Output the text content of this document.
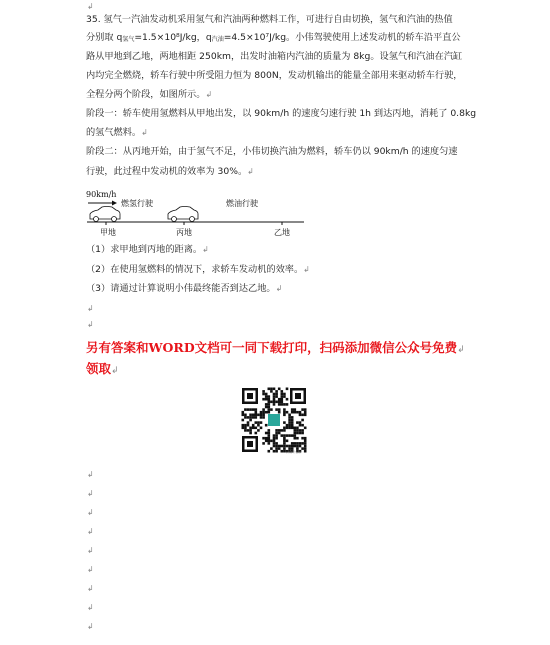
↲
35. 氢气一汽油发动机采用氢气和汽油两种燃料工作，可进行自由切换，氢气和汽油的热值
分别取 q氢气=1.5×10⁸J/kg，q汽油=4.5×10⁷J/kg。小伟驾驶使用上述发动机的轿车沿平直公
路从甲地到乙地，两地相距 250km，出发时油箱内汽油的质量为 8kg。设氢气和汽油在汽缸
内均完全燃烧，轿车行驶中所受阻力恒为 800N，发动机输出的能量全部用来驱动轿车行驶，
全程分两个阶段，如图所示。↲
阶段一：轿车使用氢燃料从甲地出发，以 90km/h 的速度匀速行驶 1h 到达丙地，消耗了 0.8kg
的氢气燃料。↲
阶段二：从丙地开始，由于氢气不足，小伟切换汽油为燃料，轿车仍以 90km/h 的速度匀速
行驶，此过程中发动机的效率为 30%。↲
90km/h
燃氢行驶	燃油行驶
甲地	丙地	乙地
（1）求甲地到丙地的距离。↲
（2）在使用氢燃料的情况下，求轿车发动机的效率。↲
（3）请通过计算说明小伟最终能否到达乙地。↲
↲
↲
另有答案和WORD文档可一同下载打印，扫码添加微信公众号免费↲
领取↲
公众号名称
↲
↲
↲
↲
↲
↲
↲
↲
↲
